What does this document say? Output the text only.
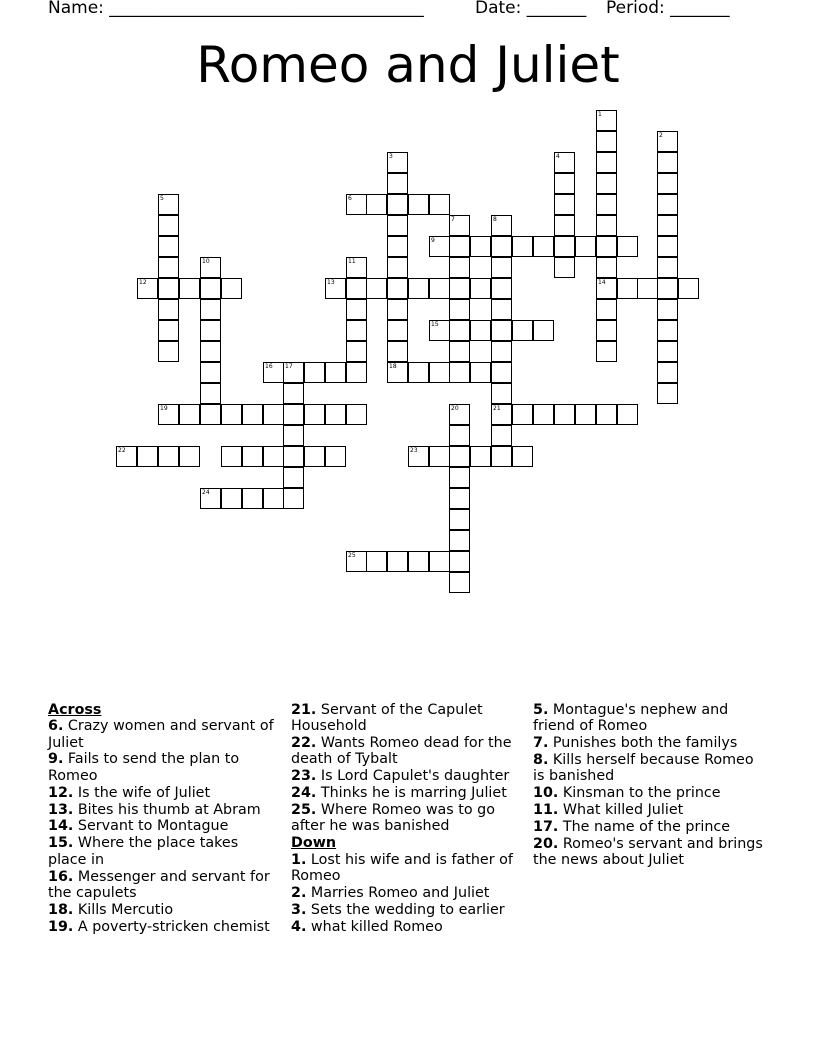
Name: _____________________________________	Date: _______ Period: _______
Romeo and Juliet
1
2
3	4
5	6
7	8
9
10	11
12	13	14
15
16 17	18
19	20	21
22	23
24
25
Across
6. Crazy women and servant of Juliet
9. Fails to send the plan to Romeo
12. Is the wife of Juliet
13. Bites his thumb at Abram
14. Servant to Montague
15. Where the place takes place in
16. Messenger and servant for the capulets
18. Kills Mercutio
19. A poverty-stricken chemist
21. Servant of the Capulet Household
22. Wants Romeo dead for the death of Tybalt
23. Is Lord Capulet's daughter
24. Thinks he is marring Juliet
25. Where Romeo was to go after he was banished
Down
1. Lost his wife and is father of Romeo
2. Marries Romeo and Juliet
3. Sets the wedding to earlier
4. what killed Romeo
5. Montague's nephew and friend of Romeo
7. Punishes both the familys
8. Kills herself because Romeo is banished
10. Kinsman to the prince
11. What killed Juliet
17. The name of the prince
20. Romeo's servant and brings the news about Juliet
